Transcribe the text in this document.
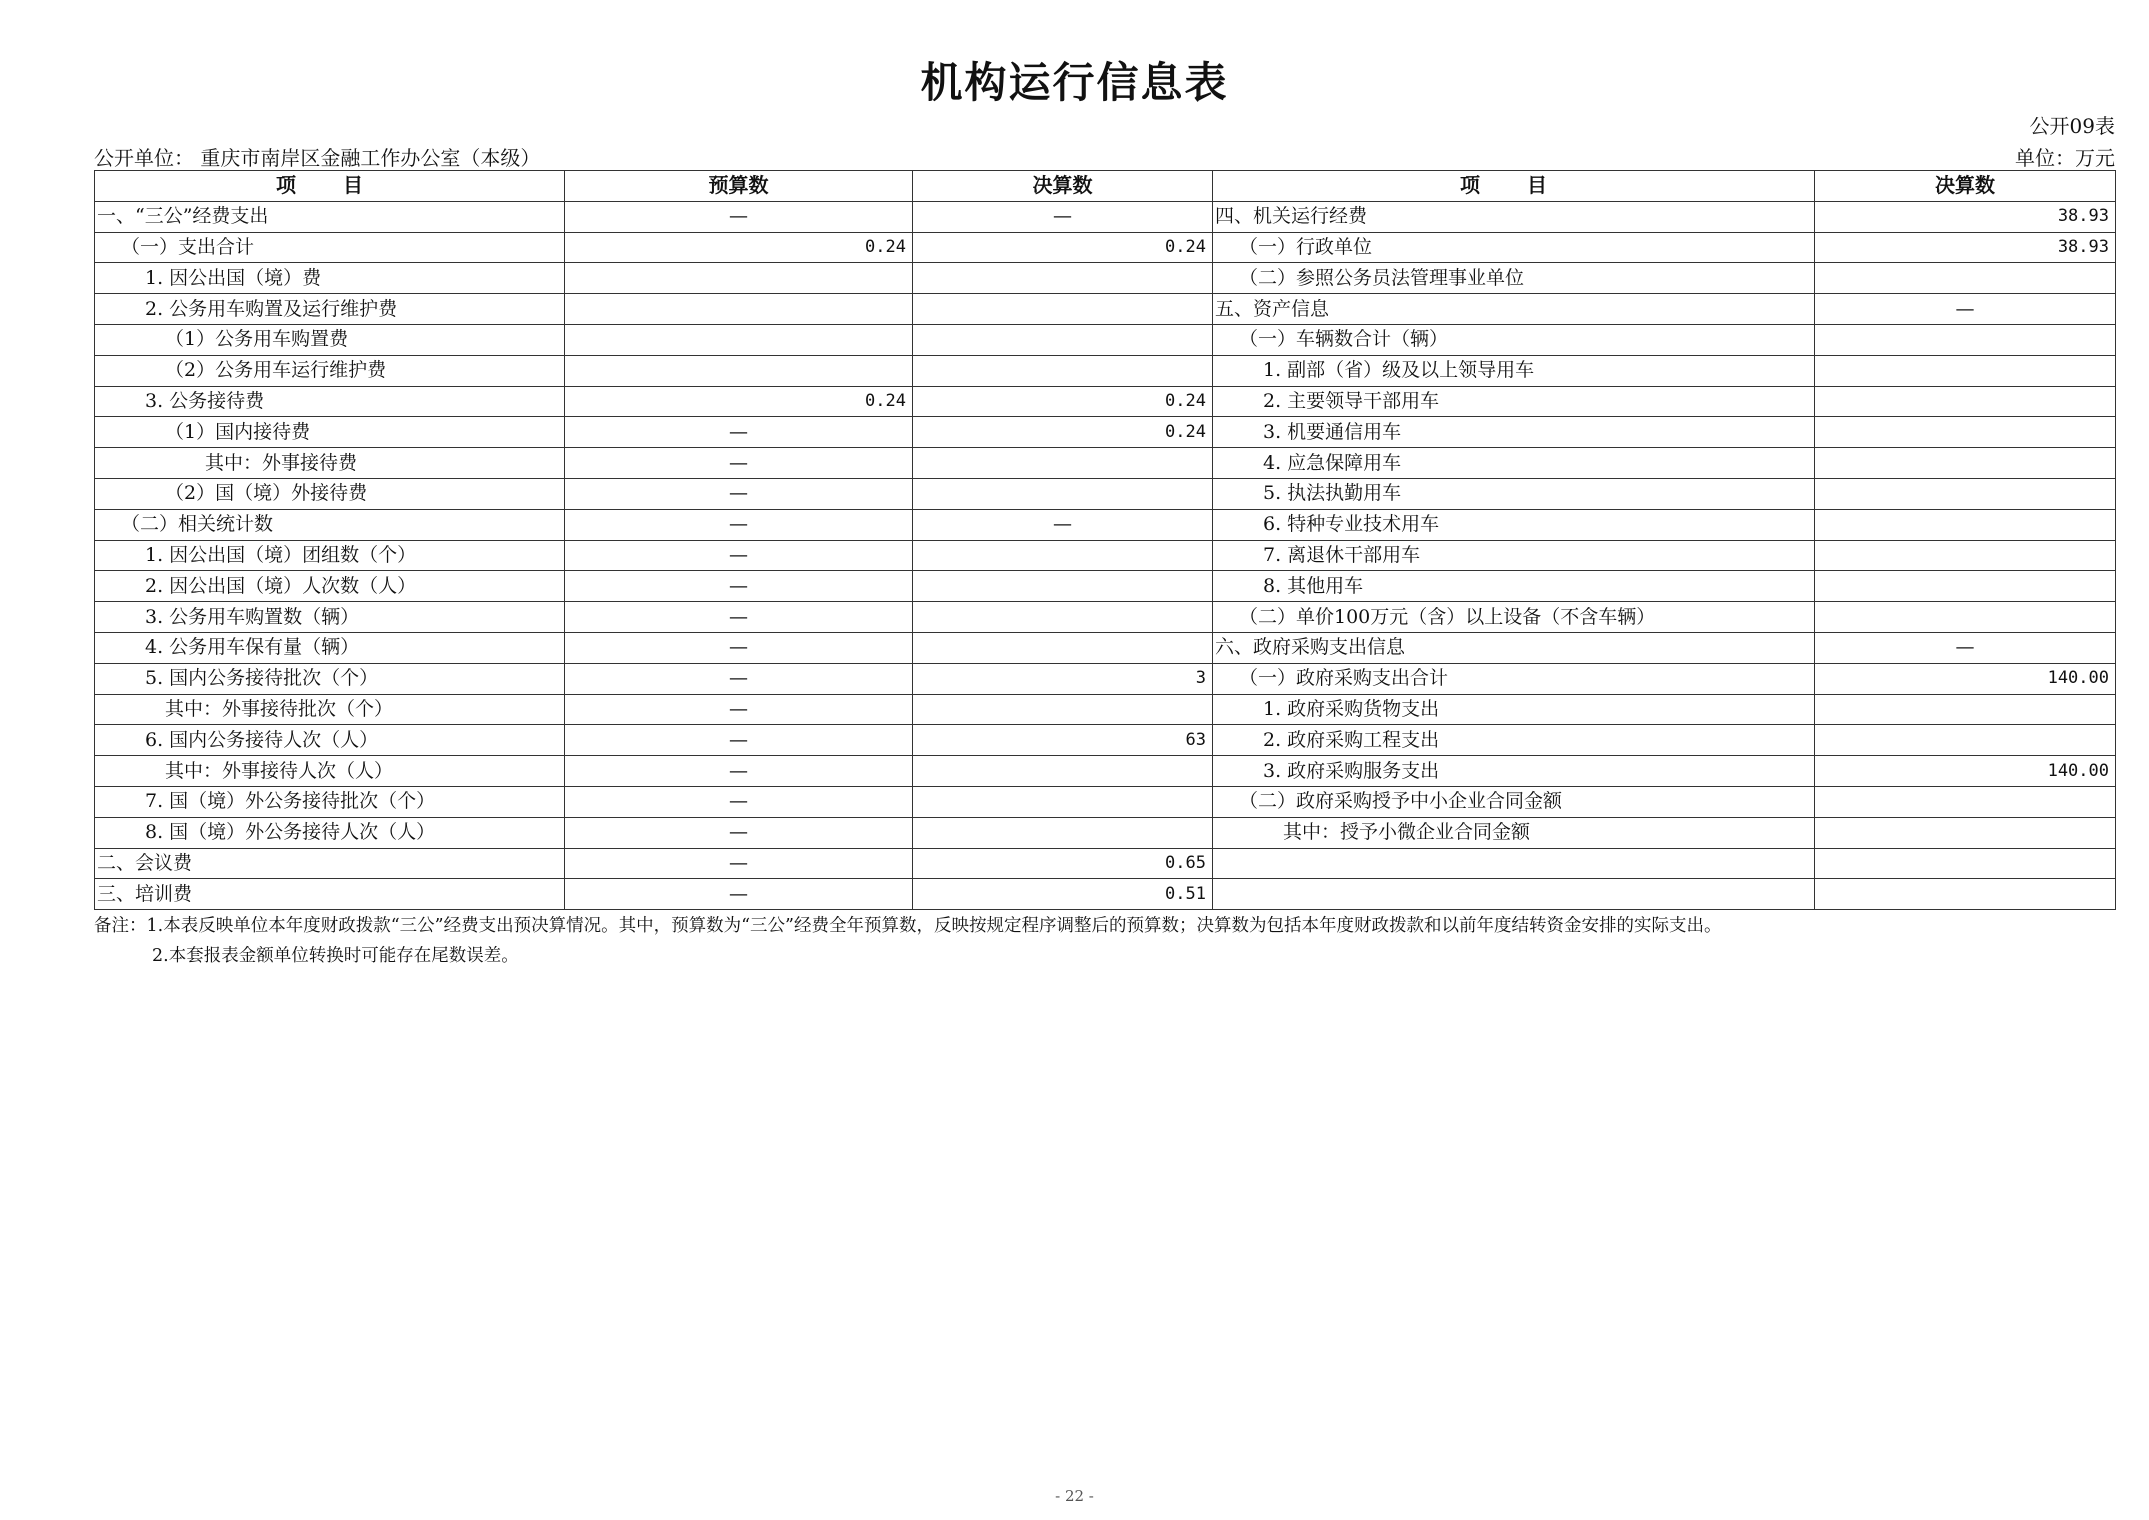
机构运行信息表
公开09表
公开单位： 重庆市南岸区金融工作办公室（本级）	单位：万元
项 目	预算数	决算数	项 目	决算数
一、“三公”经费支出	—	—	四、机关运行经费	38.93
（一）支出合计	0.24	0.24	（一）行政单位	38.93
1. 因公出国（境）费			（二）参照公务员法管理事业单位	
2. 公务用车购置及运行维护费			五、资产信息	—
（1）公务用车购置费			（一）车辆数合计（辆）	
（2）公务用车运行维护费			1. 副部（省）级及以上领导用车	
3. 公务接待费	0.24	0.24	2. 主要领导干部用车	
（1）国内接待费	—	0.24	3. 机要通信用车	
其中：外事接待费	—		4. 应急保障用车	
（2）国（境）外接待费	—		5. 执法执勤用车	
（二）相关统计数	—	—	6. 特种专业技术用车	
1. 因公出国（境）团组数（个）	—		7. 离退休干部用车	
2. 因公出国（境）人次数（人）	—		8. 其他用车	
3. 公务用车购置数（辆）	—		（二）单价100万元（含）以上设备（不含车辆）	
4. 公务用车保有量（辆）	—		六、政府采购支出信息	—
5. 国内公务接待批次（个）	—	3	（一）政府采购支出合计	140.00
其中：外事接待批次（个）	—		1. 政府采购货物支出	
6. 国内公务接待人次（人）	—	63	2. 政府采购工程支出	
其中：外事接待人次（人）	—		3. 政府采购服务支出	140.00
7. 国（境）外公务接待批次（个）	—		（二）政府采购授予中小企业合同金额	
8. 国（境）外公务接待人次（人）	—		其中：授予小微企业合同金额	
二、会议费	—	0.65		
三、培训费	—	0.51		
备注：1.本表反映单位本年度财政拨款“三公”经费支出预决算情况。其中，预算数为“三公”经费全年预算数，反映按规定程序调整后的预算数；决算数为包括本年度财政拨款和以前年度结转资金安排的实际支出。
2.本套报表金额单位转换时可能存在尾数误差。
- 22 -
